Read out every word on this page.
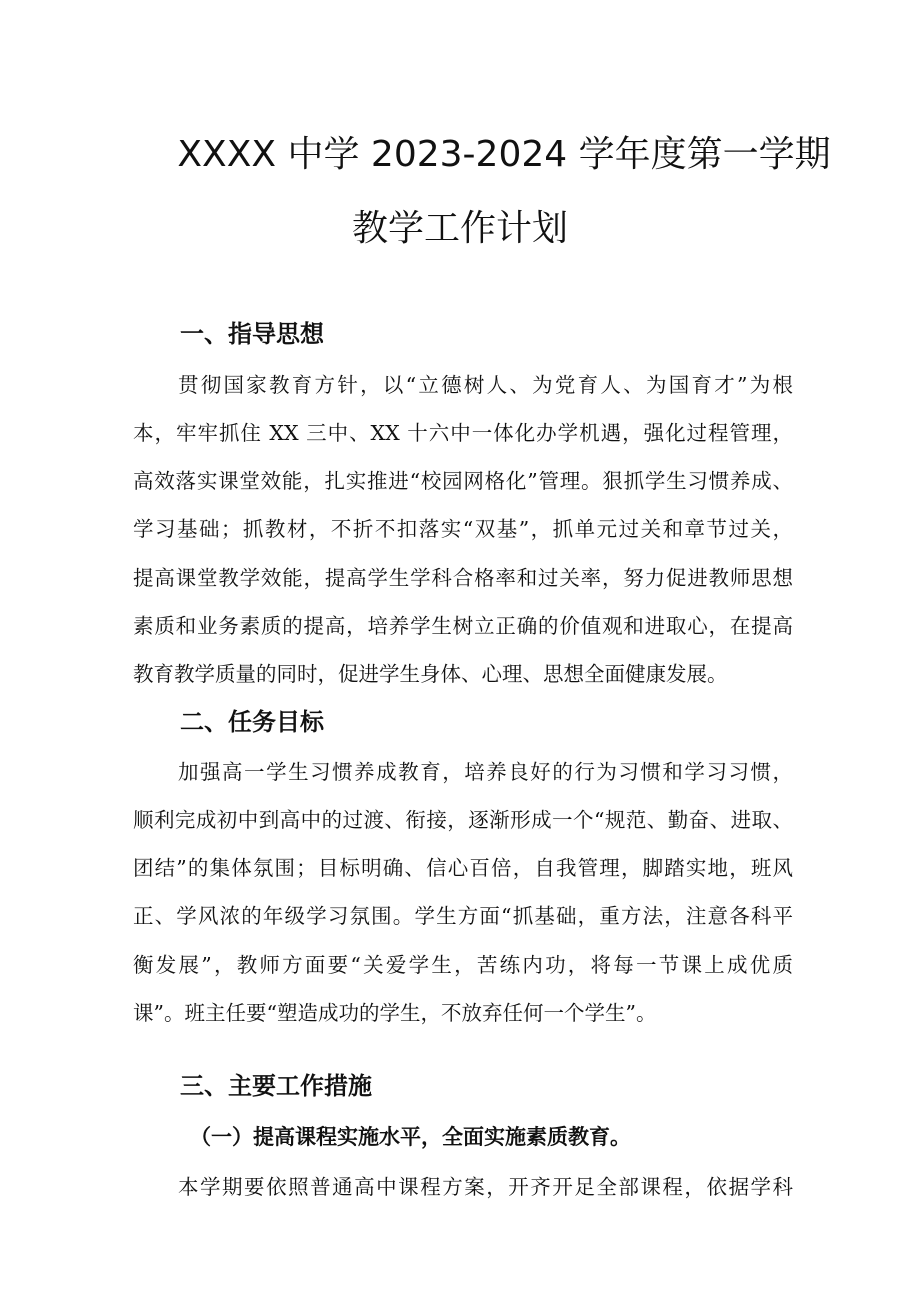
XXXX 中学 2023-2024 学年度第一学期
教学工作计划
一、指导思想
贯彻国家教育方针，以“立德树人、为党育人、为国育才”为根
本，牢牢抓住 XX 三中、XX 十六中一体化办学机遇，强化过程管理，
高效落实课堂效能，扎实推进“校园网格化”管理。狠抓学生习惯养成、
学习基础；抓教材，不折不扣落实“双基”，抓单元过关和章节过关，
提高课堂教学效能，提高学生学科合格率和过关率，努力促进教师思想
素质和业务素质的提高，培养学生树立正确的价值观和进取心，在提高
教育教学质量的同时，促进学生身体、心理、思想全面健康发展。
二、任务目标
加强高一学生习惯养成教育，培养良好的行为习惯和学习习惯，
顺利完成初中到高中的过渡、衔接，逐渐形成一个“规范、勤奋、进取、
团结”的集体氛围；目标明确、信心百倍，自我管理，脚踏实地，班风
正、学风浓的年级学习氛围。学生方面“抓基础，重方法，注意各科平
衡发展”，教师方面要“关爱学生，苦练内功，将每一节课上成优质
课”。班主任要“塑造成功的学生，不放弃任何一个学生”。
三、主要工作措施
（一）提高课程实施水平，全面实施素质教育。
本学期要依照普通高中课程方案，开齐开足全部课程，依据学科
